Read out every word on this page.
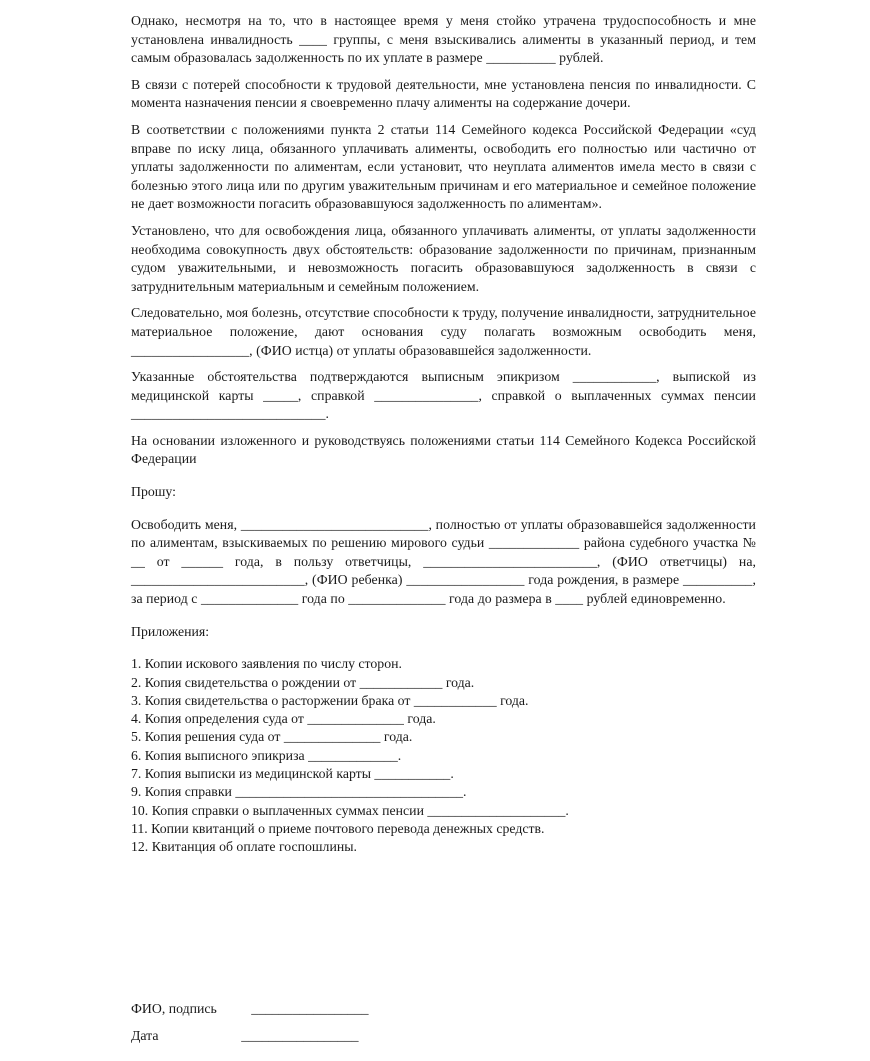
Однако, несмотря на то, что в настоящее время у меня стойко утрачена трудоспособность и мне установлена инвалидность ____ группы, с меня взыскивались алименты в указанный период, и тем самым образовалась задолженность по их уплате в размере __________ рублей.

В связи с потерей способности к трудовой деятельности, мне установлена пенсия по инвалидности. С момента назначения пенсии я своевременно плачу алименты на содержание дочери.

В соответствии с положениями пункта 2 статьи 114 Семейного кодекса Российской Федерации «суд вправе по иску лица, обязанного уплачивать алименты, освободить его полностью или частично от уплаты задолженности по алиментам, если установит, что неуплата алиментов имела место в связи с болезнью этого лица или по другим уважительным причинам и его материальное и семейное положение не дает возможности погасить образовавшуюся задолженность по алиментам».

Установлено, что для освобождения лица, обязанного уплачивать алименты, от уплаты задолженности необходима совокупность двух обстоятельств: образование задолженности по причинам, признанным судом уважительными, и невозможность погасить образовавшуюся задолженность в связи с затруднительным материальным и семейным положением.

Следовательно, моя болезнь, отсутствие способности к труду, получение инвалидности, затруднительное материальное положение, дают основания суду полагать возможным освободить меня, _________________, (ФИО истца) от уплаты образовавшейся задолженности.

Указанные обстоятельства подтверждаются выписным эпикризом ____________, выпиской из медицинской карты _____, справкой _______________, справкой о выплаченных суммах пенсии ____________________________.

На основании изложенного и руководствуясь положениями статьи 114 Семейного Кодекса Российской Федерации

Прошу:

Освободить меня, ___________________________, полностью от уплаты образовавшейся задолженности по алиментам, взыскиваемых по решению мирового судьи _____________ района судебного участка № __ от ______ года, в пользу ответчицы, _________________________, (ФИО ответчицы) на, _________________________, (ФИО ребенка) _________________ года рождения, в размере __________, за период с ______________ года по ______________ года до размера в ____ рублей единовременно.

Приложения:

1. Копии искового заявления по числу сторон.
2. Копия свидетельства о рождении от ____________ года.
3. Копия свидетельства о расторжении брака от ____________ года.
4. Копия определения суда от ______________ года.
5. Копия решения суда от ______________ года.
6. Копия выписного эпикриза _____________.
7. Копия выписки из медицинской карты ___________.
9. Копия справки _________________________________.
10. Копия справки о выплаченных суммах пенсии ____________________.
11. Копии квитанций о приеме почтового перевода денежных средств.
12. Квитанция об оплате госпошлины.
ФИО, подпись          _________________
Дата                        _________________
